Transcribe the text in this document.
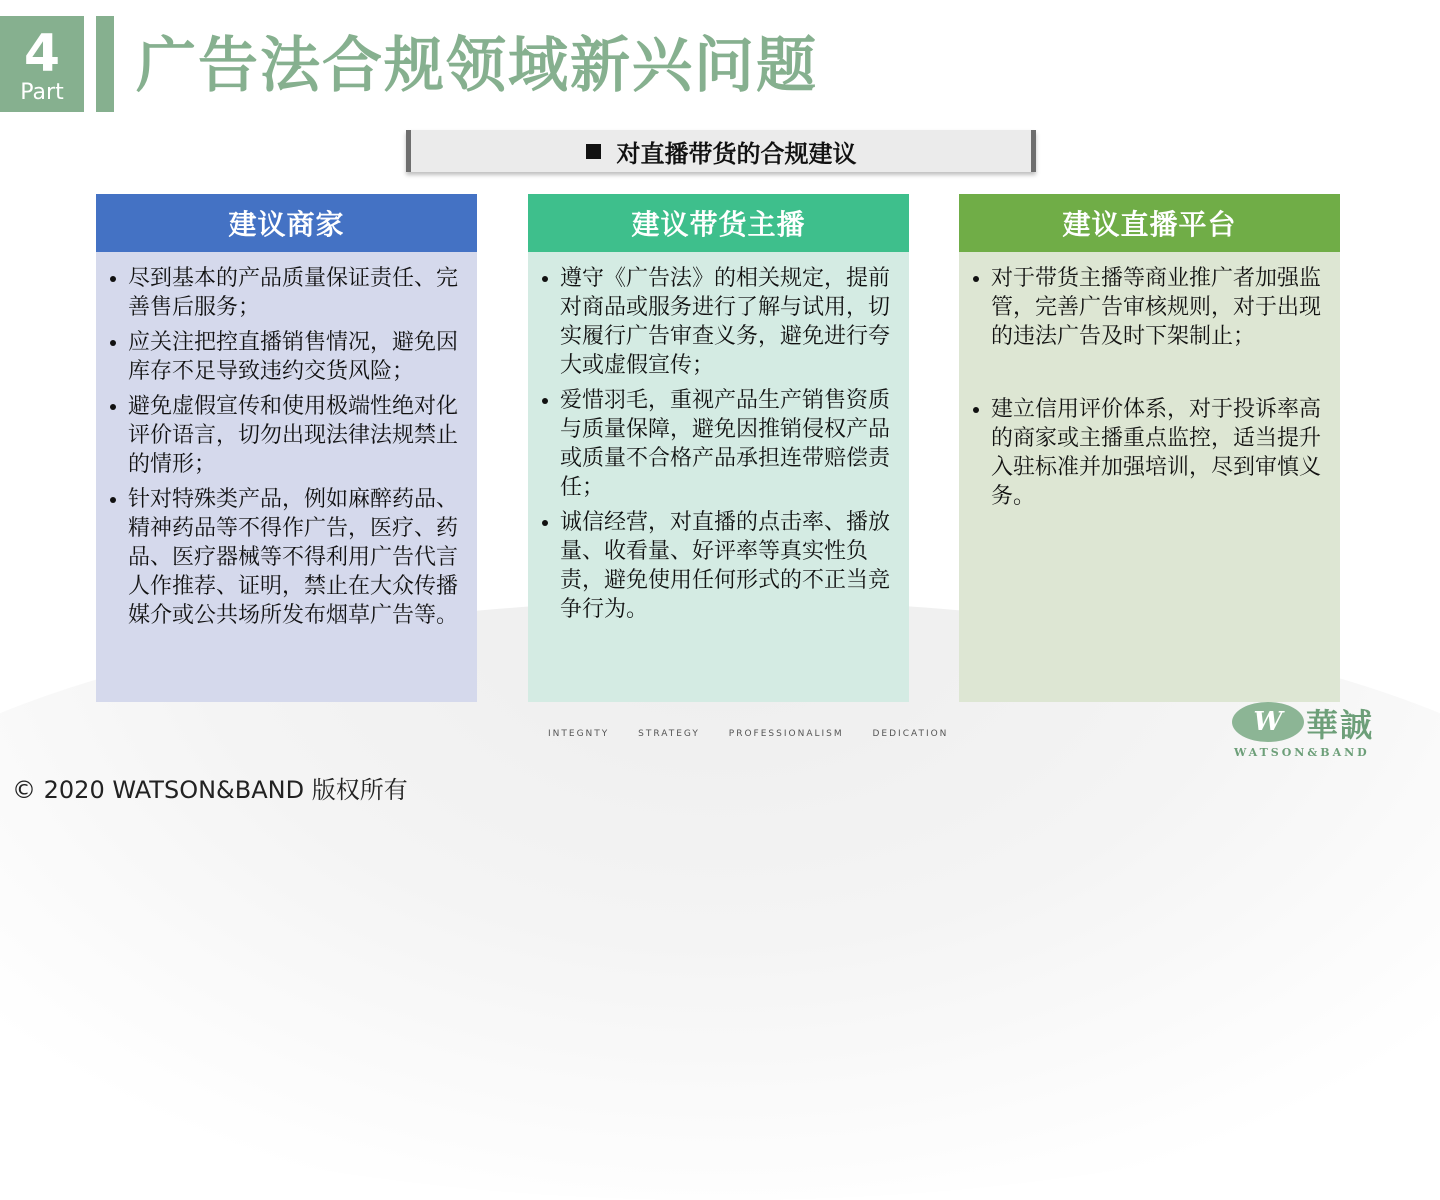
4
Part	广告法合规领域新兴问题
对直播带货的合规建议
建议商家
尽到基本的产品质量保证责任、完善售后服务；
应关注把控直播销售情况，避免因库存不足导致违约交货风险；
避免虚假宣传和使用极端性绝对化评价语言，切勿出现法律法规禁止的情形；
针对特殊类产品，例如麻醉药品、精神药品等不得作广告，医疗、药品、医疗器械等不得利用广告代言人作推荐、证明，禁止在大众传播媒介或公共场所发布烟草广告等。
建议带货主播
遵守《广告法》的相关规定，提前对商品或服务进行了解与试用，切实履行广告审查义务，避免进行夸大或虚假宣传；
爱惜羽毛，重视产品生产销售资质与质量保障，避免因推销侵权产品或质量不合格产品承担连带赔偿责任；
诚信经营，对直播的点击率、播放量、收看量、好评率等真实性负责，避免使用任何形式的不正当竞争行为。
建议直播平台
对于带货主播等商业推广者加强监管，完善广告审核规则，对于出现的违法广告及时下架制止；
建立信用评价体系，对于投诉率高的商家或主播重点监控，适当提升入驻标准并加强培训，尽到审慎义务。
INTEGNTY	STRATEGY	PROFESSIONALISM	DEDICATION
© 2020 WATSON&BAND 版权所有
W 華誠
WATSON&BAND
